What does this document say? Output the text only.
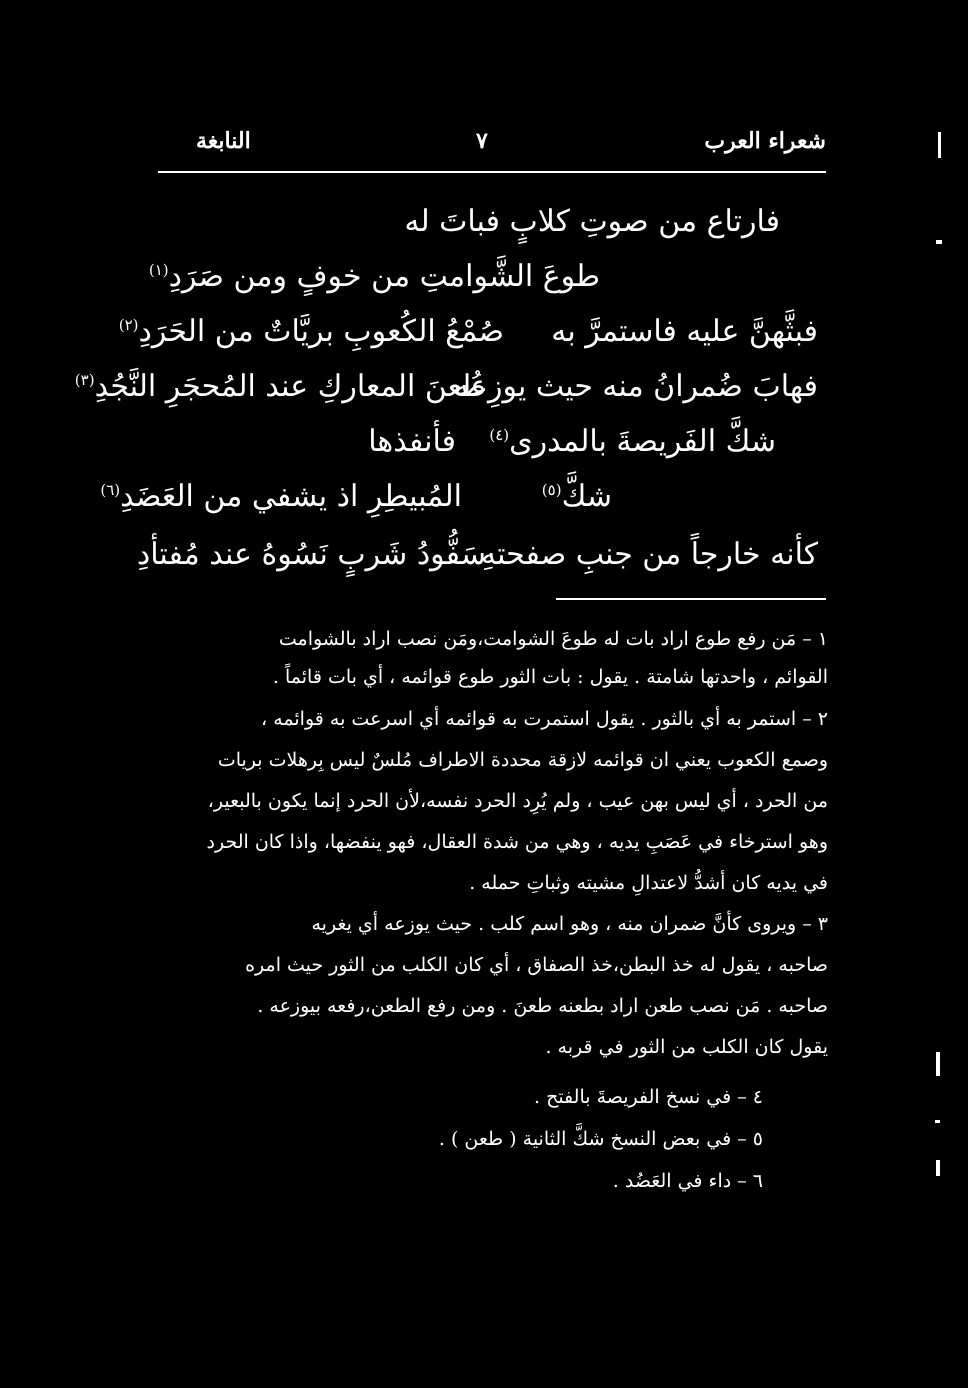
شعراء العرب
٧
النابغة
فارتاع من صوتِ كلابٍ فباتَ له
طوعَ الشَّوامتِ من خوفٍ ومن صَرَدِ$^{(١)}$
فبثَّهنَّ عليه فاستمرَّ به
صُمْعُ الكُعوبِ بريَّاتٌ من الحَرَدِ$^{(٢)}$
فهابَ ضُمرانُ منه حيث يوزِعُه
طعنَ المعاركِ عند المُحجَرِ النَّجُدِ$^{(٣)}$
شكَّ الفَريصةَ بالمدرى$^{(٤)}$
فأنفذها
شكَّ$^{(٥)}$
المُبيطِرِ اذ يشفي من العَضَدِ$^{(٦)}$
كأنه خارجاً من جنبِ صفحتهِ
سَفُّودُ شَربٍ نَسُوهُ عند مُفتأدِ
١ – مَن رفع طوع اراد بات له طوعَ الشوامت،ومَن نصب اراد بالشوامت
القوائم ، واحدتها شامتة . يقول : بات الثور طوع قوائمه ، أي بات قائماً .
٢ – استمر به أي بالثور . يقول استمرت به قوائمه أي اسرعت به قوائمه ،
وصمع الكعوب يعني ان قوائمه لازقة محددة الاطراف مُلسٌ ليس بِرهلات بريات
من الحرد ، أي ليس بهن عيب ، ولم يُرِد الحرد نفسه،لأن الحرد إنما يكون بالبعير،
وهو استرخاء في عَصَبِ يديه ، وهي من شدة العقال، فهو ينفضها، واذا كان الحرد
في يديه كان أشدُّ لاعتدالِ مشيته وثباتِ حمله .
٣ – ويروى كأنَّ ضمران منه ، وهو اسم كلب . حيث يوزعه أي يغريه
صاحبه ، يقول له خذ البطن،خذ الصفاق ، أي كان الكلب من الثور حيث امره
صاحبه . مَن نصب طعن اراد بطعنه طعنَ . ومن رفع الطعن،رفعه بيوزعه .
يقول كان الكلب من الثور في قربه .
٤ – في نسخ الفريصةَ بالفتح .
٥ – في بعض النسخ شكَّ الثانية ( طعن ) .
٦ – داء في العَضُد .
